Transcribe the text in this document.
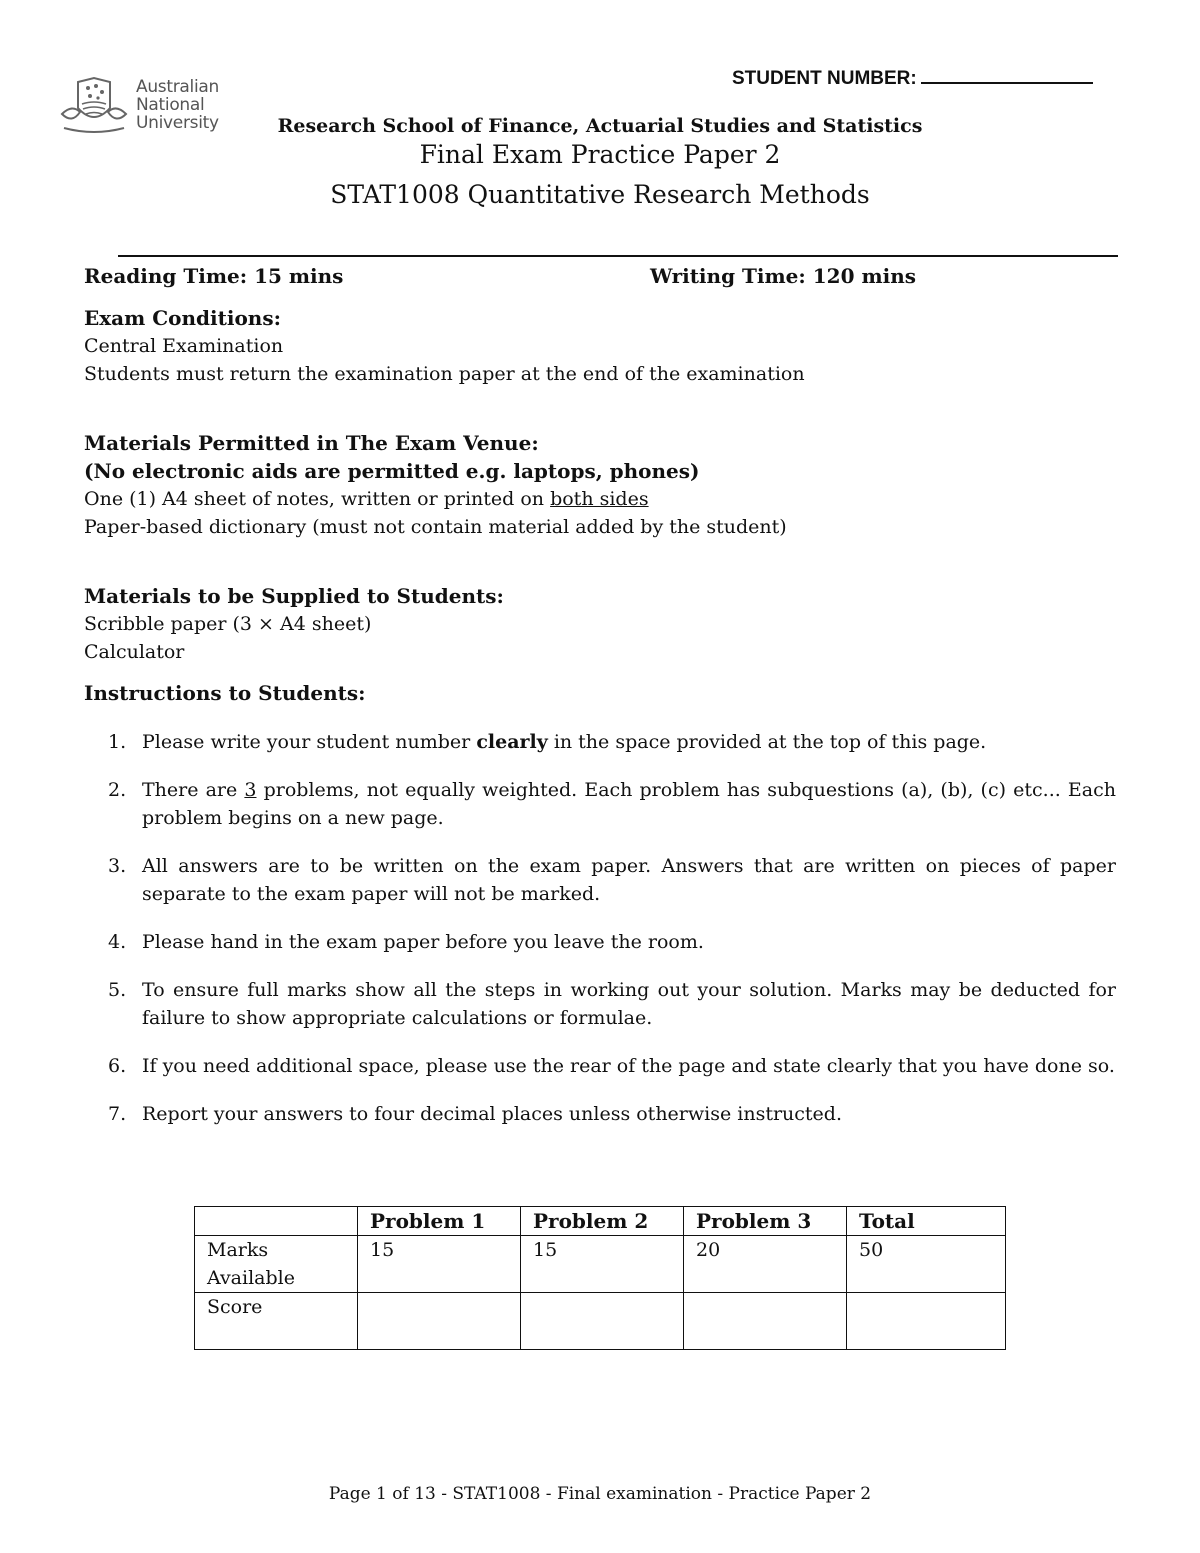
Australian
National
University
STUDENT NUMBER:
Research School of Finance, Actuarial Studies and Statistics
Final Exam Practice Paper 2
STAT1008 Quantitative Research Methods
Reading Time: 15 mins	Writing Time: 120 mins
Exam Conditions:
Central Examination
Students must return the examination paper at the end of the examination
Materials Permitted in The Exam Venue:
(No electronic aids are permitted e.g. laptops, phones)
One (1) A4 sheet of notes, written or printed on both sides
Paper-based dictionary (must not contain material added by the student)
Materials to be Supplied to Students:
Scribble paper (3 × A4 sheet)
Calculator
Instructions to Students:
1. Please write your student number clearly in the space provided at the top of this page.
2. There are 3 problems, not equally weighted. Each problem has subquestions (a), (b), (c) etc... Each problem begins on a new page.
3. All answers are to be written on the exam paper. Answers that are written on pieces of paper separate to the exam paper will not be marked.
4. Please hand in the exam paper before you leave the room.
5. To ensure full marks show all the steps in working out your solution. Marks may be deducted for failure to show appropriate calculations or formulae.
6. If you need additional space, please use the rear of the page and state clearly that you have done so.
7. Report your answers to four decimal places unless otherwise instructed.
	Problem 1	Problem 2	Problem 3	Total
Marks Available	15	15	20	50
Score				
Page 1 of 13 - STAT1008 - Final examination - Practice Paper 2
